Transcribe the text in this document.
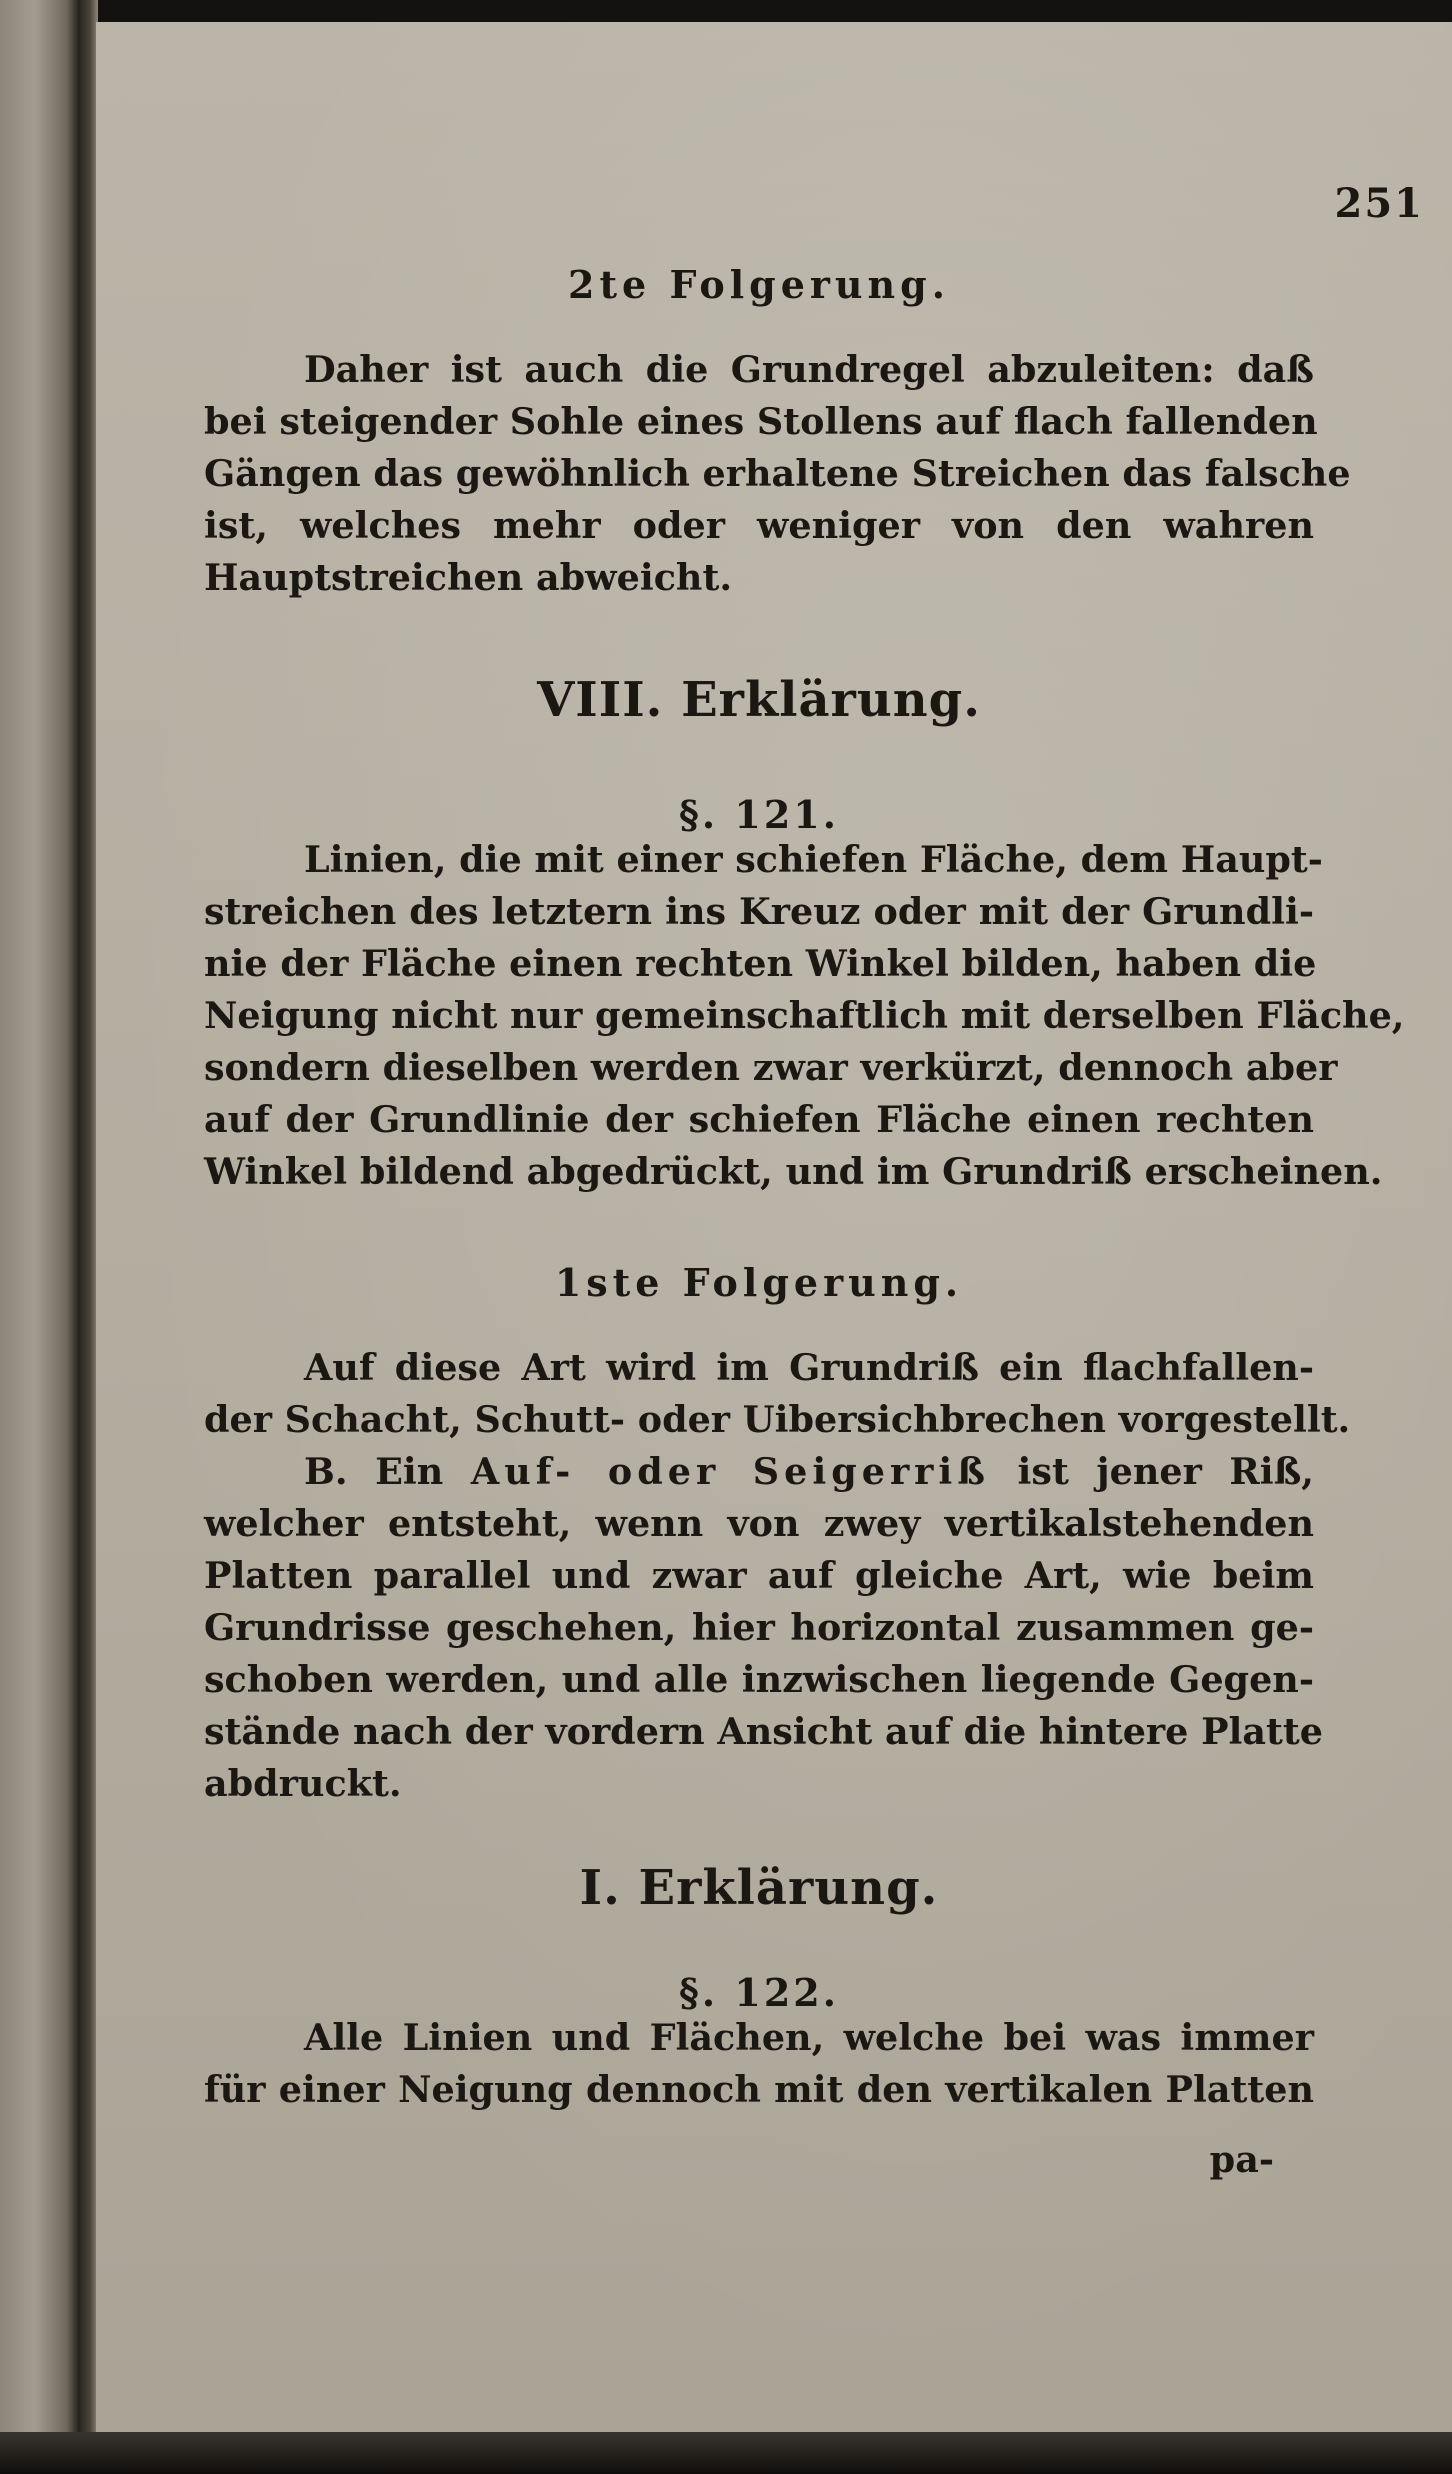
251
2te Folgerung.
Daher ist auch die Grundregel abzuleiten: daß
bei steigender Sohle eines Stollens auf flach fallenden
Gängen das gewöhnlich erhaltene Streichen das falsche
ist, welches mehr oder weniger von den wahren
Hauptstreichen abweicht.
VIII. Erklärung.
§. 121.
Linien, die mit einer schiefen Fläche, dem Haupt-
streichen des letztern ins Kreuz oder mit der Grundli-
nie der Fläche einen rechten Winkel bilden, haben die
Neigung nicht nur gemeinschaftlich mit derselben Fläche,
sondern dieselben werden zwar verkürzt, dennoch aber
auf der Grundlinie der schiefen Fläche einen rechten
Winkel bildend abgedrückt, und im Grundriß erscheinen.
1ste Folgerung.
Auf diese Art wird im Grundriß ein flachfallen-
der Schacht, Schutt- oder Uibersichbrechen vorgestellt.
B. Ein Auf- oder Seigerriß ist jener Riß,
welcher entsteht, wenn von zwey vertikalstehenden
Platten parallel und zwar auf gleiche Art, wie beim
Grundrisse geschehen, hier horizontal zusammen ge-
schoben werden, und alle inzwischen liegende Gegen-
stände nach der vordern Ansicht auf die hintere Platte
abdruckt.
I. Erklärung.
§. 122.
Alle Linien und Flächen, welche bei was immer
für einer Neigung dennoch mit den vertikalen Platten
pa-
